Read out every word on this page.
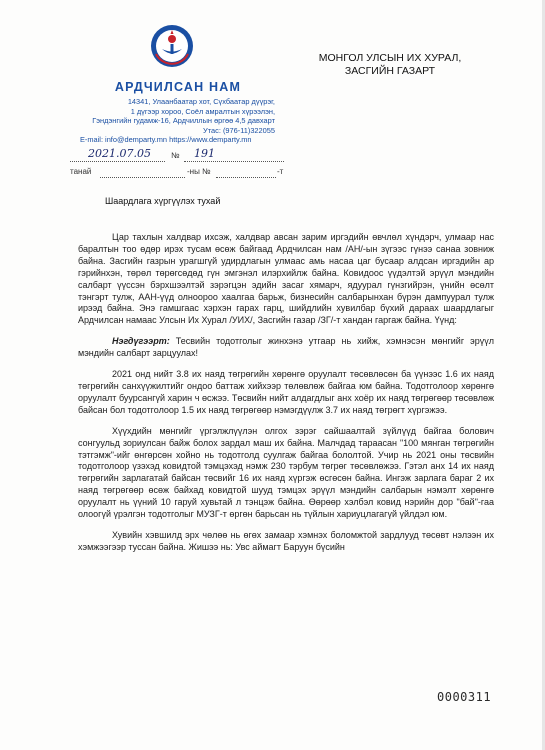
АРДЧИЛСАН НАМ
14341, Улаанбаатар хот, Сүхбаатар дүүрэг,
1 дүгээр хороо, Соёл амралтын хүрээлэн,
Гэндэнгийн гудамж-16, Ардчиллын өргөө 4,5 давхарт
Утас: (976-11)322055
E-mail: info@demparty.mn https://www.demparty.mn
№
2021.07.05	191
танай	-ны №	-т
МОНГОЛ УЛСЫН ИХ ХУРАЛ,
ЗАСГИЙН ГАЗАРТ
Шаардлага хүргүүлэх тухай

Цар тахлын халдвар ихсэж, халдвар авсан зарим иргэдийн өвчлөл хүндэрч, улмаар нас баралтын тоо өдөр ирэх тусам өсөж байгаад Ардчилсан нам /АН/-ын зүгээс гүнээ санаа зовниж байна. Засгийн газрын урагшгүй удирдлагын улмаас амь насаа цаг бусаар алдсан иргэдийн ар гэрийнхэн, төрөл төрөгсөдөд гүн эмгэнэл илэрхийлж байна. Ковидоос үүдэлтэй эрүүл мэндийн салбарт үүссэн бэрхшээлтэй зэрэгцэн эдийн засаг хямарч, ядуурал гүнзгийрэн, үнийн өсөлт тэнгэрт тулж, ААН-үүд олноороо хаалгаа барьж, бизнесийн салбарынхан бүрэн дампуурал тулж ирээд байна. Энэ гамшгаас хэрхэн гарах гарц, шийдлийн хувилбар бүхий дараах шаардлагыг Ардчилсан намаас Улсын Их Хурал /УИХ/, Засгийн газар /ЗГ/-т хандан гаргаж байна. Үүнд:

Нэгдүгээрт: Тесвийн тодотголыг жинхэнэ утгаар нь хийж, хэмнэсэн мөнгийг эрүүл мэндийн салбарт зарцуулах!

2021 онд нийт 3.8 их наяд төгрөгийн хөрөнгө оруулалт төсөвлөсөн ба үүнээс 1.6 их наяд төгрөгийн санхүүжилтийг ондоо баттаж хийхээр төлөвлөж байгаа юм байна. Тодотголоор хөрөнгө оруулалт буурсангүй харин ч өсжээ. Төсвийн нийт алдагдлыг анх хоёр их наяд төгрөгөөр төсөвлөж байсан бол тодотголоор 1.5 их наяд төгрөгөөр нэмэгдүүлж 3.7 их наяд төгрөгт хүргэжээ.

Хүүхдийн мөнгийг үргэлжлүүлэн олгох зэрэг сайшаалтай зүйлүүд байгаа болович сонгуульд зориулсан байж болох зардал маш их байна. Малчдад тараасан "100 мянган төгрөгийн тэтгэмж"-ийг өнгөрсөн хойно нь тодотголд суулгаж байгаа бололтой. Учир нь 2021 оны төсвийн тодотголоор үзэхэд ковидтой тэмцэхэд нэмж 230 тэрбум төгрөг төсөвлөжээ. Гэтэл анх 14 их наяд төгрөгийн зарлагатай байсан төсвийг 16 их наяд хүргэж өсгөсөн байна. Ингэж зарлага бараг 2 их наяд төгрөгөөр өсөж байхад ковидтой шууд тэмцэх эрүүл мэндийн салбарын нэмэлт хөрөнгө оруулалт нь үүний 10 гаруй хувьтай л тэнцэж байна. Өөрөөр хэлбэл ковид нэрийн дор "бай"-гаа олоогүй үрэлгэн тодотголыг МУЗГ-т өргөн барьсан нь түйлын хариуцлагагүй үйлдэл юм.

Хувийн хэвшилд эрх чөлөө нь өгөх замаар хэмнэх боломжтой зардлууд төсөвт нэлээн их хэмжээгээр туссан байна. Жишээ нь: Увс аймагт Баруун бүсийн

0000311
